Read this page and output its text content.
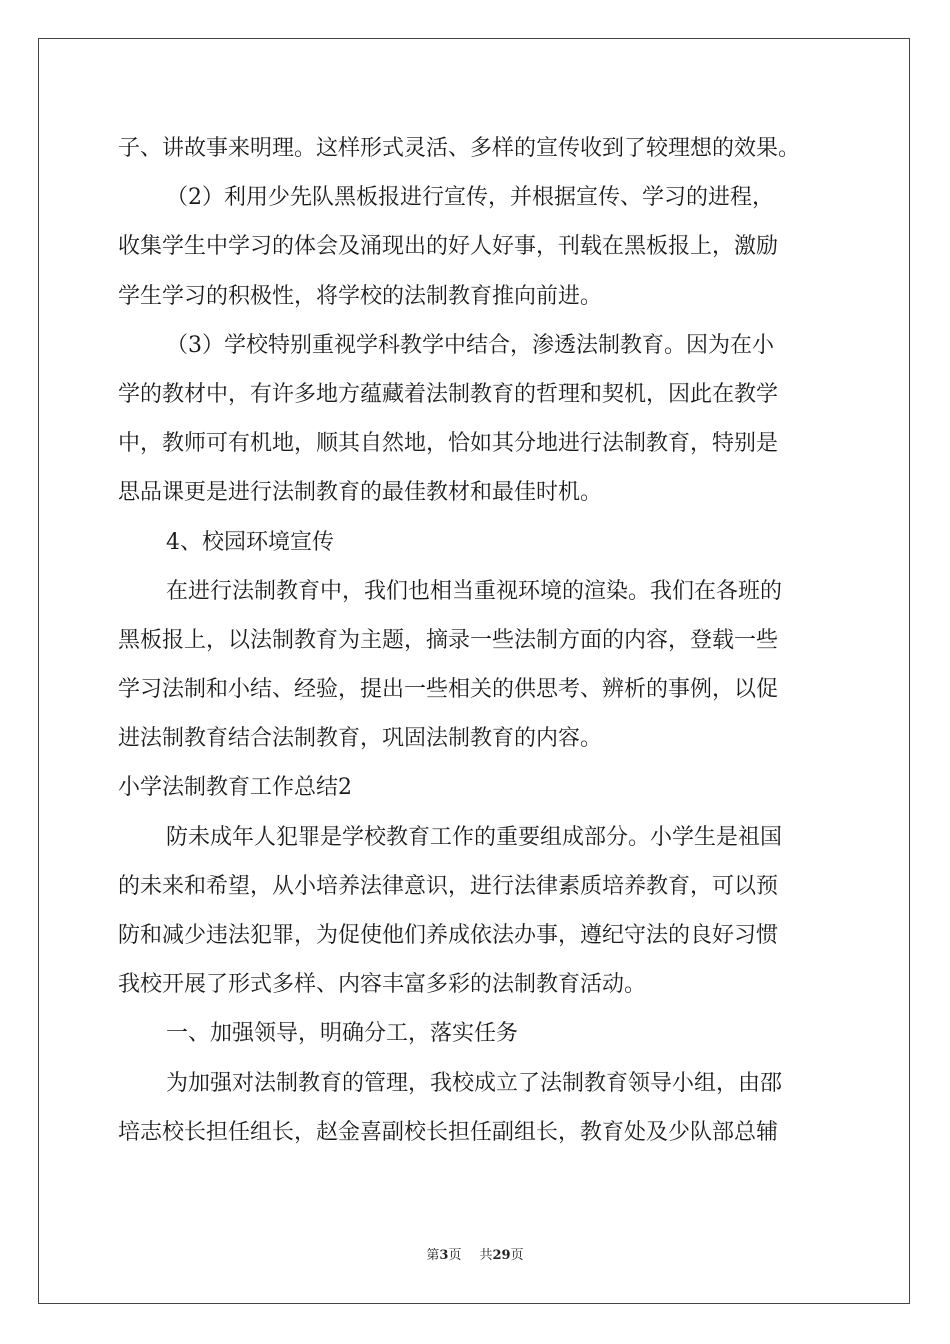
子、讲故事来明理。这样形式灵活、多样的宣传收到了较理想的效果。
（2）利用少先队黑板报进行宣传，并根据宣传、学习的进程，
收集学生中学习的体会及涌现出的好人好事，刊载在黑板报上，激励
学生学习的积极性，将学校的法制教育推向前进。
（3）学校特别重视学科教学中结合，渗透法制教育。因为在小
学的教材中，有许多地方蕴藏着法制教育的哲理和契机，因此在教学
中，教师可有机地，顺其自然地，恰如其分地进行法制教育，特别是
思品课更是进行法制教育的最佳教材和最佳时机。
4、校园环境宣传
在进行法制教育中，我们也相当重视环境的渲染。我们在各班的
黑板报上，以法制教育为主题，摘录一些法制方面的内容，登载一些
学习法制和小结、经验，提出一些相关的供思考、辨析的事例，以促
进法制教育结合法制教育，巩固法制教育的内容。
小学法制教育工作总结2
防未成年人犯罪是学校教育工作的重要组成部分。小学生是祖国
的未来和希望，从小培养法律意识，进行法律素质培养教育，可以预
防和减少违法犯罪，为促使他们养成依法办事，遵纪守法的良好习惯
我校开展了形式多样、内容丰富多彩的法制教育活动。
一、加强领导，明确分工，落实任务
为加强对法制教育的管理，我校成立了法制教育领导小组，由邵
培志校长担任组长，赵金喜副校长担任副组长，教育处及少队部总辅
第3页 共29页
